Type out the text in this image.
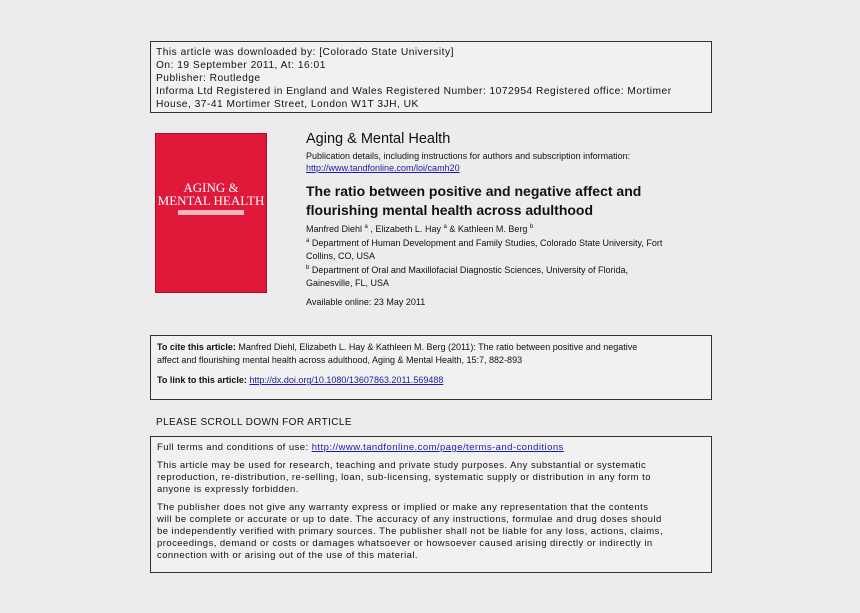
This article was downloaded by: [Colorado State University]
On: 19 September 2011, At: 16:01
Publisher: Routledge
Informa Ltd Registered in England and Wales Registered Number: 1072954 Registered office: Mortimer
House, 37-41 Mortimer Street, London W1T 3JH, UK
AGING &
MENTAL HEALTH
Aging & Mental Health
Publication details, including instructions for authors and subscription information:
http://www.tandfonline.com/loi/camh20
The ratio between positive and negative affect and
flourishing mental health across adulthood
Manfred Diehl $^a$ , Elizabeth L. Hay $^a$ & Kathleen M. Berg $^b$
$^a$ Department of Human Development and Family Studies, Colorado State University, Fort
Collins, CO, USA
$^b$ Department of Oral and Maxillofacial Diagnostic Sciences, University of Florida,
Gainesville, FL, USA
Available online: 23 May 2011
To cite this article: Manfred Diehl, Elizabeth L. Hay & Kathleen M. Berg (2011): The ratio between positive and negative
affect and flourishing mental health across adulthood, Aging & Mental Health, 15:7, 882-893
To link to this article: http://dx.doi.org/10.1080/13607863.2011.569488
PLEASE SCROLL DOWN FOR ARTICLE
Full terms and conditions of use: http://www.tandfonline.com/page/terms-and-conditions
This article may be used for research, teaching and private study purposes. Any substantial or systematic
reproduction, re-distribution, re-selling, loan, sub-licensing, systematic supply or distribution in any form to
anyone is expressly forbidden.
The publisher does not give any warranty express or implied or make any representation that the contents
will be complete or accurate or up to date. The accuracy of any instructions, formulae and drug doses should
be independently verified with primary sources. The publisher shall not be liable for any loss, actions, claims,
proceedings, demand or costs or damages whatsoever or howsoever caused arising directly or indirectly in
connection with or arising out of the use of this material.
